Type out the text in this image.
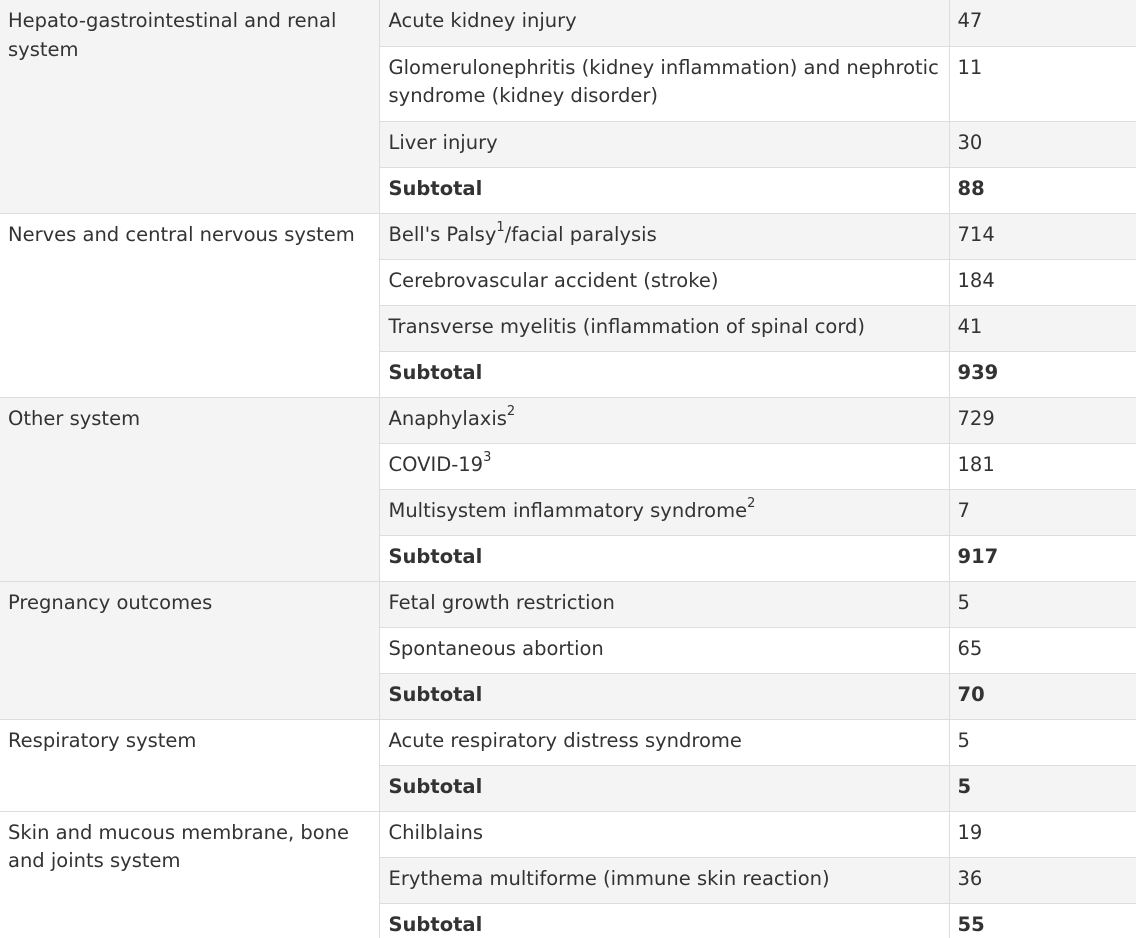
Hepato-gastrointestinal and renal system	Acute kidney injury	47
	Glomerulonephritis (kidney inflammation) and nephrotic syndrome (kidney disorder)	11
	Liver injury	30
	Subtotal	88
Nerves and central nervous system	Bell's Palsy$^1$/facial paralysis	714
	Cerebrovascular accident (stroke)	184
	Transverse myelitis (inflammation of spinal cord)	41
	Subtotal	939
Other system	Anaphylaxis$^2$	729
	COVID-$19^3$	181
	Multisystem inflammatory syndrome$^2$	7
	Subtotal	917
Pregnancy outcomes	Fetal growth restriction	5
	Spontaneous abortion	65
	Subtotal	70
Respiratory system	Acute respiratory distress syndrome	5
	Subtotal	5
Skin and mucous membrane, bone and joints system	Chilblains	19
	Erythema multiforme (immune skin reaction)	36
	Subtotal	55
